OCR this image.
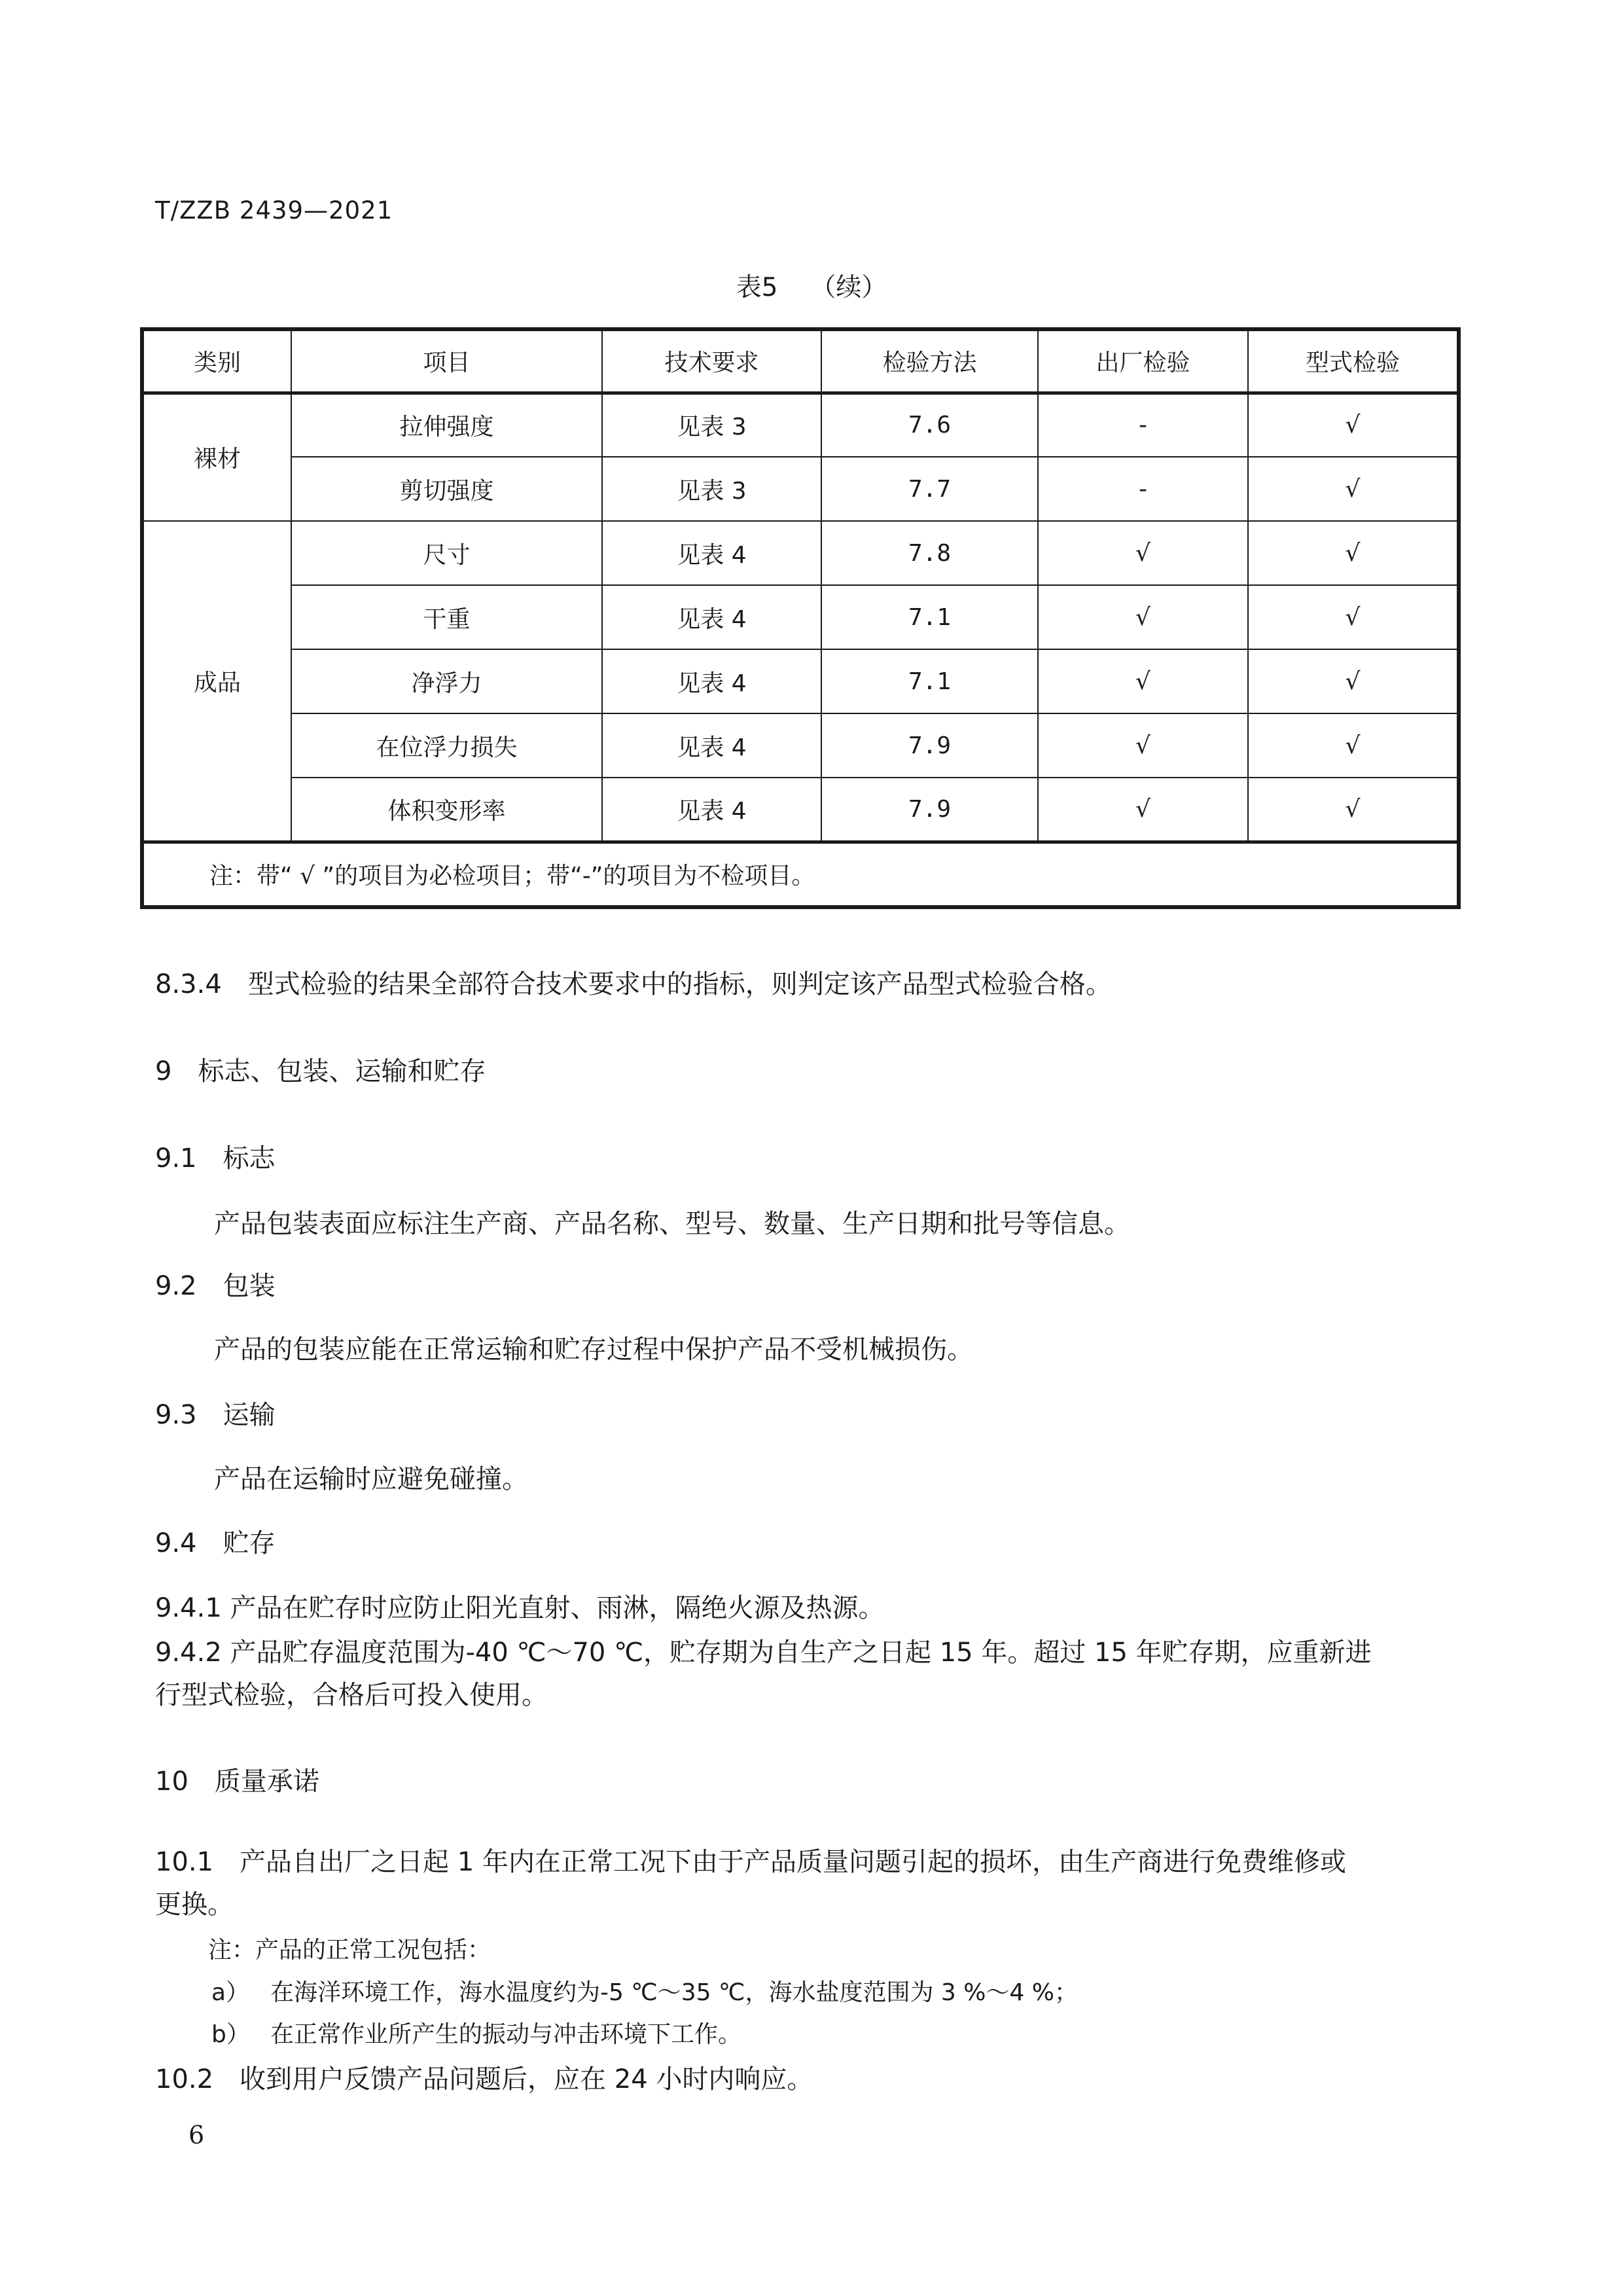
T/ZZB 2439—2021
表5 （续）
类别	项目	技术要求	检验方法	出厂检验	型式检验
裸材	拉伸强度	见表 3	7.6	-	√
	剪切强度	见表 3	7.7	-	√
成品	尺寸	见表 4	7.8	√	√
	干重	见表 4	7.1	√	√
	净浮力	见表 4	7.1	√	√
	在位浮力损失	见表 4	7.9	√	√
	体积变形率	见表 4	7.9	√	√
注：带“ √ ”的项目为必检项目；带“-”的项目为不检项目。					
8.3.4　型式检验的结果全部符合技术要求中的指标，则判定该产品型式检验合格。
9　标志、包装、运输和贮存
9.1　标志
产品包装表面应标注生产商、产品名称、型号、数量、生产日期和批号等信息。
9.2　包装
产品的包装应能在正常运输和贮存过程中保护产品不受机械损伤。
9.3　运输
产品在运输时应避免碰撞。
9.4　贮存
9.4.1 产品在贮存时应防止阳光直射、雨淋，隔绝火源及热源。
9.4.2 产品贮存温度范围为-40 ℃～70 ℃，贮存期为自生产之日起 15 年。超过 15 年贮存期，应重新进
行型式检验，合格后可投入使用。
10　质量承诺
10.1　产品自出厂之日起 1 年内在正常工况下由于产品质量问题引起的损坏，由生产商进行免费维修或
更换。
注：产品的正常工况包括：
a） 在海洋环境工作，海水温度约为-5 ℃～35 ℃，海水盐度范围为 3 %～4 %；
b） 在正常作业所产生的振动与冲击环境下工作。
10.2　收到用户反馈产品问题后，应在 24 小时内响应。
6
